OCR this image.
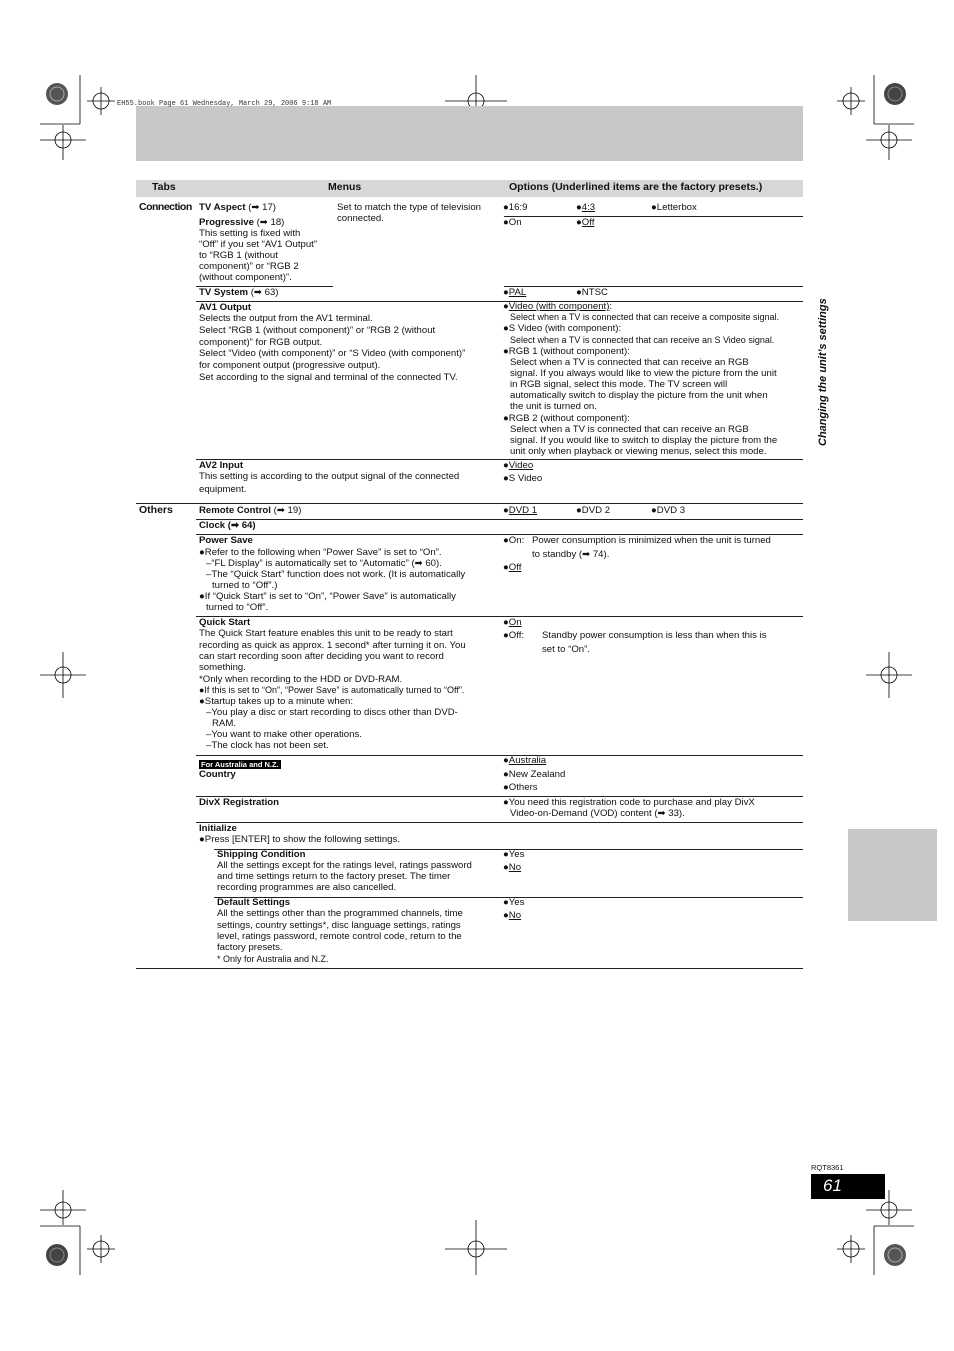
EH55.book Page 61 Wednesday, March 29, 2006 9:18 AM
Tabs	Menus	Options (Underlined items are the factory presets.)
Connection TV Aspect (➡ 17)	Set to match the type of television
connected.
●16:9	●4:3	●Letterbox
Progressive (➡ 18)
This setting is fixed with
“Off” if you set “AV1 Output”
to “RGB 1 (without
component)” or “RGB 2
(without component)”.
●On	●Off
TV System (➡ 63)	●PAL	●NTSC
AV1 Output
Selects the output from the AV1 terminal.
Select “RGB 1 (without component)” or “RGB 2 (without
component)” for RGB output.
Select “Video (with component)” or “S Video (with component)”
for component output (progressive output).
Set according to the signal and terminal of the connected TV.
●Video (with component):
Select when a TV is connected that can receive a composite signal.
●S Video (with component):
Select when a TV is connected that can receive an S Video signal.
●RGB 1 (without component):
Select when a TV is connected that can receive an RGB
signal. If you always would like to view the picture from the unit
in RGB signal, select this mode. The TV screen will
automatically switch to display the picture from the unit when
the unit is turned on.
●RGB 2 (without component):
Select when a TV is connected that can receive an RGB
signal. If you would like to switch to display the picture from the
unit only when playback or viewing menus, select this mode.
AV2 Input
This setting is according to the output signal of the connected
equipment.
●Video
●S Video
Others	Remote Control (➡ 19)	●DVD 1	●DVD 2	●DVD 3
Clock (➡ 64)
Power Save
●Refer to the following when “Power Save” is set to “On”.
–“FL Display” is automatically set to “Automatic” (➡ 60).
–The “Quick Start” function does not work. (It is automatically
turned to “Off”.)
●If “Quick Start” is set to “On”, “Power Save” is automatically
turned to “Off”.
●On: Power consumption is minimized when the unit is turned
to standby (➡ 74).
●Off
Quick Start
The Quick Start feature enables this unit to be ready to start
recording as quick as approx. 1 second* after turning it on. You
can start recording soon after deciding you want to record
something.
*Only when recording to the HDD or DVD-RAM.
●If this is set to “On”, “Power Save” is automatically turned to “Off”.
●Startup takes up to a minute when:
–You play a disc or start recording to discs other than DVD-
RAM.
–You want to make other operations.
–The clock has not been set.
●On
●Off: Standby power consumption is less than when this is
set to “On”.
For Australia and N.Z.
Country
●Australia
●New Zealand
●Others
DivX Registration	●You need this registration code to purchase and play DivX
Video-on-Demand (VOD) content (➡ 33).
Initialize
●Press [ENTER] to show the following settings.
Shipping Condition
All the settings except for the ratings level, ratings password
and time settings return to the factory preset. The timer
recording programmes are also cancelled.
●Yes
●No
Default Settings
All the settings other than the programmed channels, time
settings, country settings*, disc language settings, ratings
level, ratings password, remote control code, return to the
factory presets.
* Only for Australia and N.Z.
●Yes
●No
Changing the unit’s settings
RQT8361
61
